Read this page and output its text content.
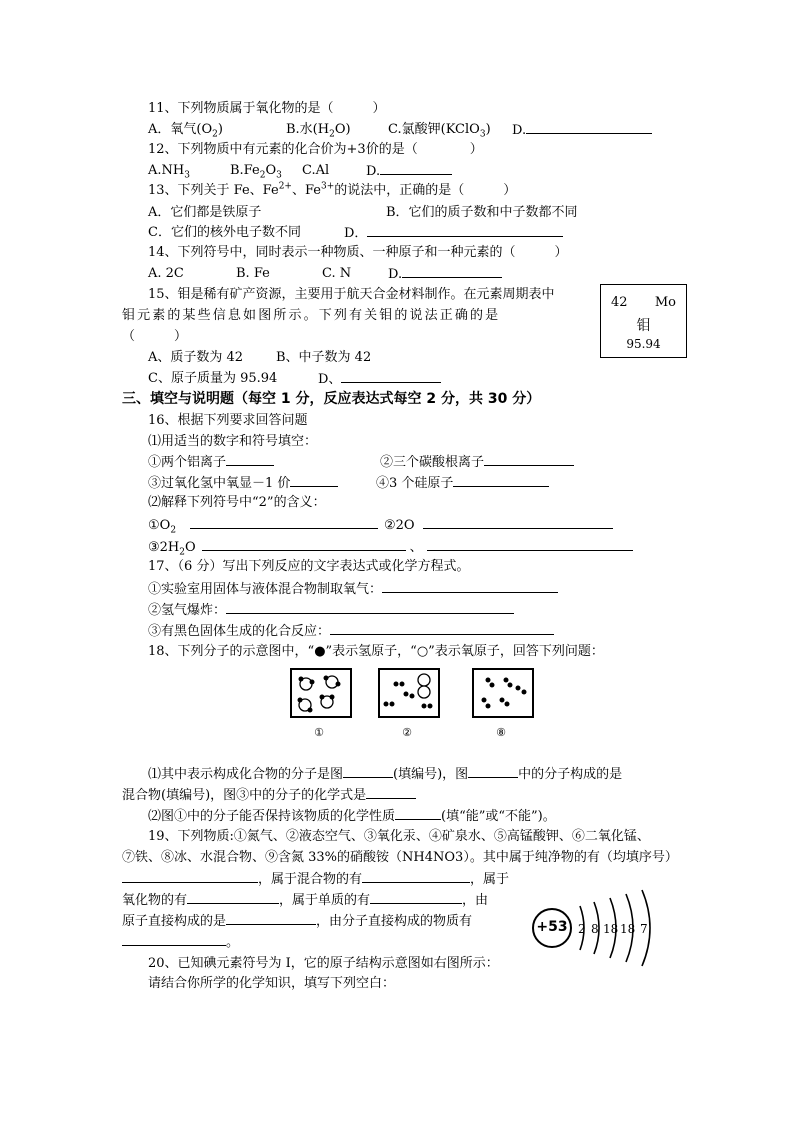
11、下列物质属于氧化物的是（　　　）
A．氧气$(O_2)$	B.水$(H_2O)$	C.氯酸钾(KClO$_3$) D.
12、下列物质中有元素的化合价为+3价的是（　　　　）
$A.NH_3$	$B.Fe_2O_3$ C.Al	D.
13、下列关于 Fe、$Fe^{2+}$、$Fe^{3+}$的说法中，正确的是（　　　）
A．它们都是铁原子	B．它们的质子数和中子数都不同
C．它们的核外电子数不同	D．
14、下列符号中，同时表示一种物质、一种原子和一种元素的（　　　）
A. 2C	B. Fe	C. N	D.
15、钼是稀有矿产资源，主要用于航天合金材料制作。在元素周期表中
钼 元 素 的 某 些 信 息 如 图 所 示 。 下 列 有 关 钼 的 说 法 正 确 的 是
（　　　）
A、质子数为 42	B、中子数为 42
C、原子质量为 95.94	D、
42 Mo
钼
95.94
三、填空与说明题（每空 1 分，反应表达式每空 2 分，共 30 分）
16、根据下列要求回答问题
⑴用适当的数字和符号填空：
①两个铝离子	②三个碳酸根离子
③过氧化氢中氧显－1 价	④3 个硅原子
⑵解释下列符号中“2”的含义：
$①O_2$	②2O
$③2H_2O$	、
17、（6 分）写出下列反应的文字表达式或化学方程式。
①实验室用固体与液体混合物制取氧气：
②氢气爆炸：
③有黑色固体生成的化合反应：
18、下列分子的示意图中，“●”表示氢原子，“○”表示氧原子，回答下列问题：
①	②	⑧
⑴其中表示构成化合物的分子是图	(填编号)，图	中的分子构成的是
混合物(填编号)，图③中的分子的化学式是
⑵图①中的分子能否保持该物质的化学性质	(填“能”或“不能”)。
19、下列物质:①氮气、②液态空气、③氧化汞、④矿泉水、⑤高锰酸钾、⑥二氧化锰、
⑦铁、⑧冰、水混合物、⑨含氮 33%的硝酸铵（NH4NO3）。其中属于纯净物的有（均填序号）
，属于混合物的有	，属于
氧化物的有	，属于单质的有	，由
原子直接构成的是	，由分子直接构成的物质有
。
+53 2 8 18 18 7
20、已知碘元素符号为 I，它的原子结构示意图如右图所示：
请结合你所学的化学知识，填写下列空白：
